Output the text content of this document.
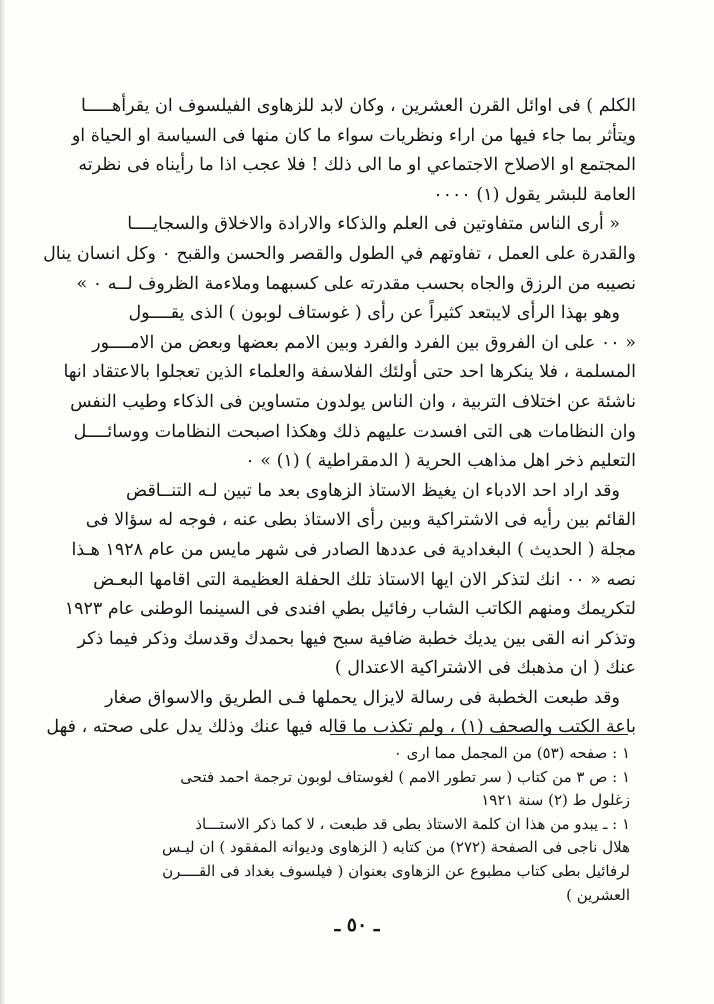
الكلم ) فى اوائل القرن العشرين ، وكان لابد للزهاوى الفيلسوف ان يقرأهـــــا
ويتأثر بما جاء فيها من اراء ونظريات سواء ما كان منها فى السياسة او الحياة او
المجتمع او الاصلاح الاجتماعي او ما الى ذلك ! فلا عجب اذا ما رأيناه فى نظرته
العامة للبشر يقول (١) ٠٠٠٠
« أرى الناس متفاوتين فى العلم والذكاء والارادة والاخلاق والسجايــــا
والقدرة على العمل ، تفاوتهم في الطول والقصر والحسن والقبح ٠ وكل انسان ينال
نصيبه من الرزق والجاه بحسب مقدرته على كسبهما وملاءمة الظروف لــه ٠ »
وهو بهذا الرأى لايبتعد كثيراً عن رأى ( غوستاف لوبون ) الذى يقــــول
« ٠٠ على ان الفروق بين الفرد والفرد وبين الامم بعضها وبعض من الامــــور
المسلمة ، فلا ينكرها احد حتى أولئك الفلاسفة والعلماء الذين تعجلوا بالاعتقاد انها
ناشئة عن اختلاف التربية ، وان الناس يولدون متساوين فى الذكاء وطيب النفس
وان النظامات هى التى افسدت عليهم ذلك وهكذا اصبحت النظامات ووسائــــل
التعليم ذخر اهل مذاهب الحرية ( الدمقراطية ) (١) » ٠
وقد اراد احد الادباء ان يغيظ الاستاذ الزهاوى بعد ما تبين لـه التنــاقض
القائم بين رأيه فى الاشتراكية وبين رأى الاستاذ بطى عنه ، فوجه له سؤالا فى
مجلة ( الحديث ) البغدادية فى عددها الصادر فى شهر مايس من عام ١٩٢٨ هـذا
نصه « ٠٠ انك لتذكر الان ايها الاستاذ تلك الحفلة العظيمة التى اقامها البعـض
لتكريمك ومنهم الكاتب الشاب رفائيل بطي افندى فى السينما الوطنى عام ١٩٢٣
وتذكر انه القى بين يديك خطبة ضافية سبح فيها بحمدك وقدسك وذكر فيما ذكر
عنك ( ان مذهبك فى الاشتراكية الاعتدال )
وقد طبعت الخطبة فى رسالة لايزال يحملها فـى الطريق والاسواق صغار
باعة الكتب والصحف (١) ، ولم تكذب ما قاله فيها عنك وذلك يدل على صحته ، فهل
١ : صفحه (٥٣) من المجمل مما ارى ٠
١ : ص ٣ من كتاب ( سر تطور الامم ) لغوستاف لوبون ترجمة احمد فتحى
زغلول ط (٢) سنة ١٩٢١
١ : ـ يبدو من هذا ان كلمة الاستاذ بطى قد طبعت ، لا كما ذكر الاستـــاذ
هلال ناجى فى الصفحة (٢٧٢) من كتابه ( الزهاوى وديوانه المفقود ) ان ليـس
لرفائيل بطى كتاب مطبوع عن الزهاوى بعنوان ( فيلسوف بغداد فى القــــرن
العشرين )
ـ ٥٠ ـ
